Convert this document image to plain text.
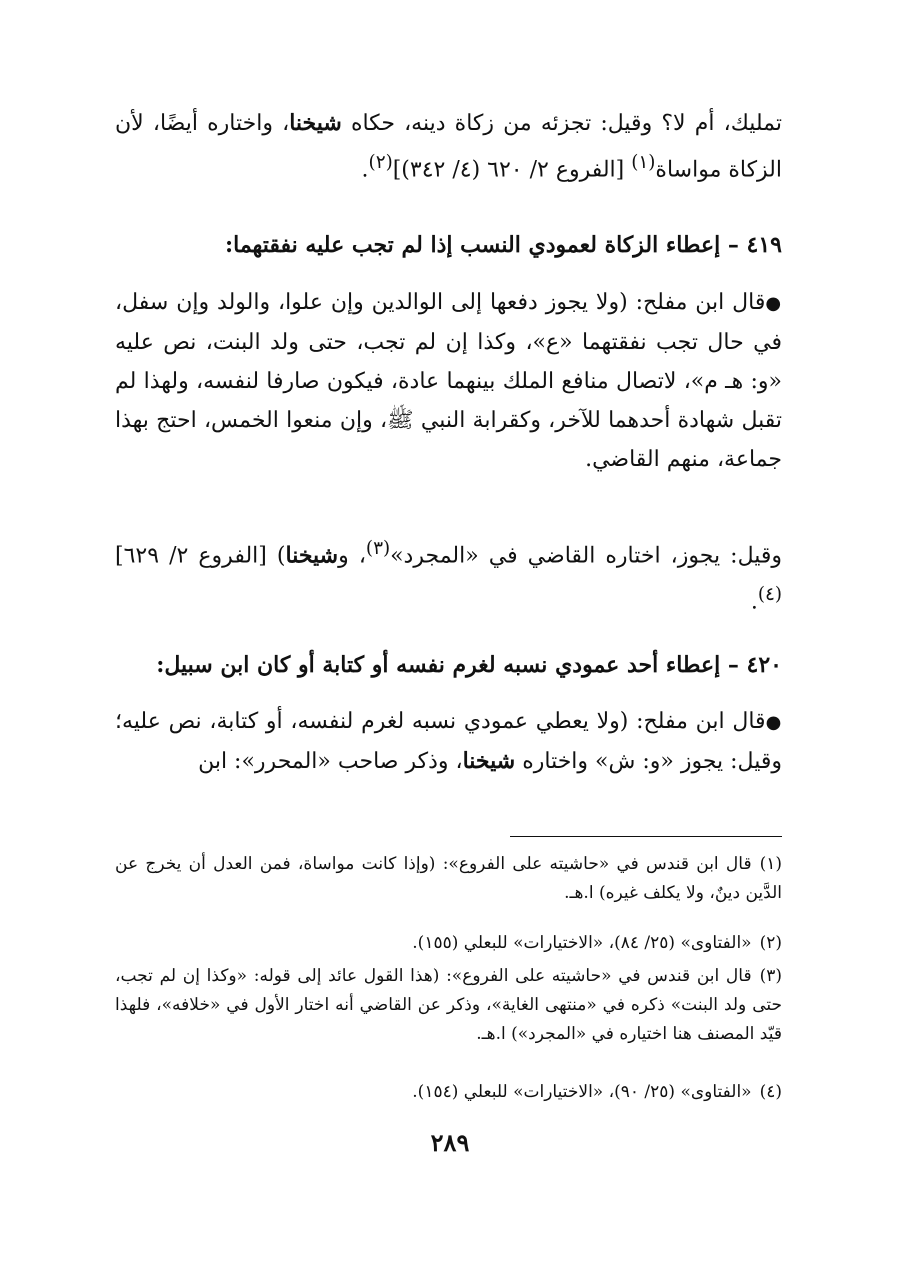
تمليك، أم لا؟ وقيل: تجزئه من زكاة دينه، حكاه شيخنا، واختاره أيضًا، لأن الزكاة مواساة$^{(١)}$ [الفروع ٢/ ٦٢٠ (٤/ ٣٤٢)]$^{(٢)}$.

٤١٩ – إعطاء الزكاة لعمودي النسب إذا لم تجب عليه نفقتهما:

●قال ابن مفلح: (ولا يجوز دفعها إلى الوالدين وإن علوا، والولد وإن سفل، في حال تجب نفقتهما «ع»، وكذا إن لم تجب، حتى ولد البنت، نص عليه «و: هـ م»، لاتصال منافع الملك بينهما عادة، فيكون صارفا لنفسه، ولهذا لم تقبل شهادة أحدهما للآخر، وكقرابة النبي ﷺ، وإن منعوا الخمس، احتج بهذا جماعة، منهم القاضي.

وقيل: يجوز، اختاره القاضي في «المجرد»$^{(٣)}$، وشيخنا) [الفروع ٢/ ٦٢٩]$^{(٤)}$.

٤٢٠ – إعطاء أحد عمودي نسبه لغرم نفسه أو كتابة أو كان ابن سبيل:

●قال ابن مفلح: (ولا يعطي عمودي نسبه لغرم لنفسه، أو كتابة، نص عليه؛ وقيل: يجوز «و: ش» واختاره شيخنا، وذكر صاحب «المحرر»: ابن

(١)قال ابن قندس في «حاشيته على الفروع»: (وإذا كانت مواساة، فمن العدل أن يخرج عن الدَّين دينٌ، ولا يكلف غيره) ا.هـ.
(٢)«الفتاوى» (٢٥/ ٨٤)، «الاختيارات» للبعلي (١٥٥).
(٣)قال ابن قندس في «حاشيته على الفروع»: (هذا القول عائد إلى قوله: «وكذا إن لم تجب، حتى ولد البنت» ذكره في «منتهى الغاية»، وذكر عن القاضي أنه اختار الأول في «خلافه»، فلهذا قيّد المصنف هنا اختياره في «المجرد») ا.هـ.
(٤)«الفتاوى» (٢٥/ ٩٠)، «الاختيارات» للبعلي (١٥٤).
٢٨٩
